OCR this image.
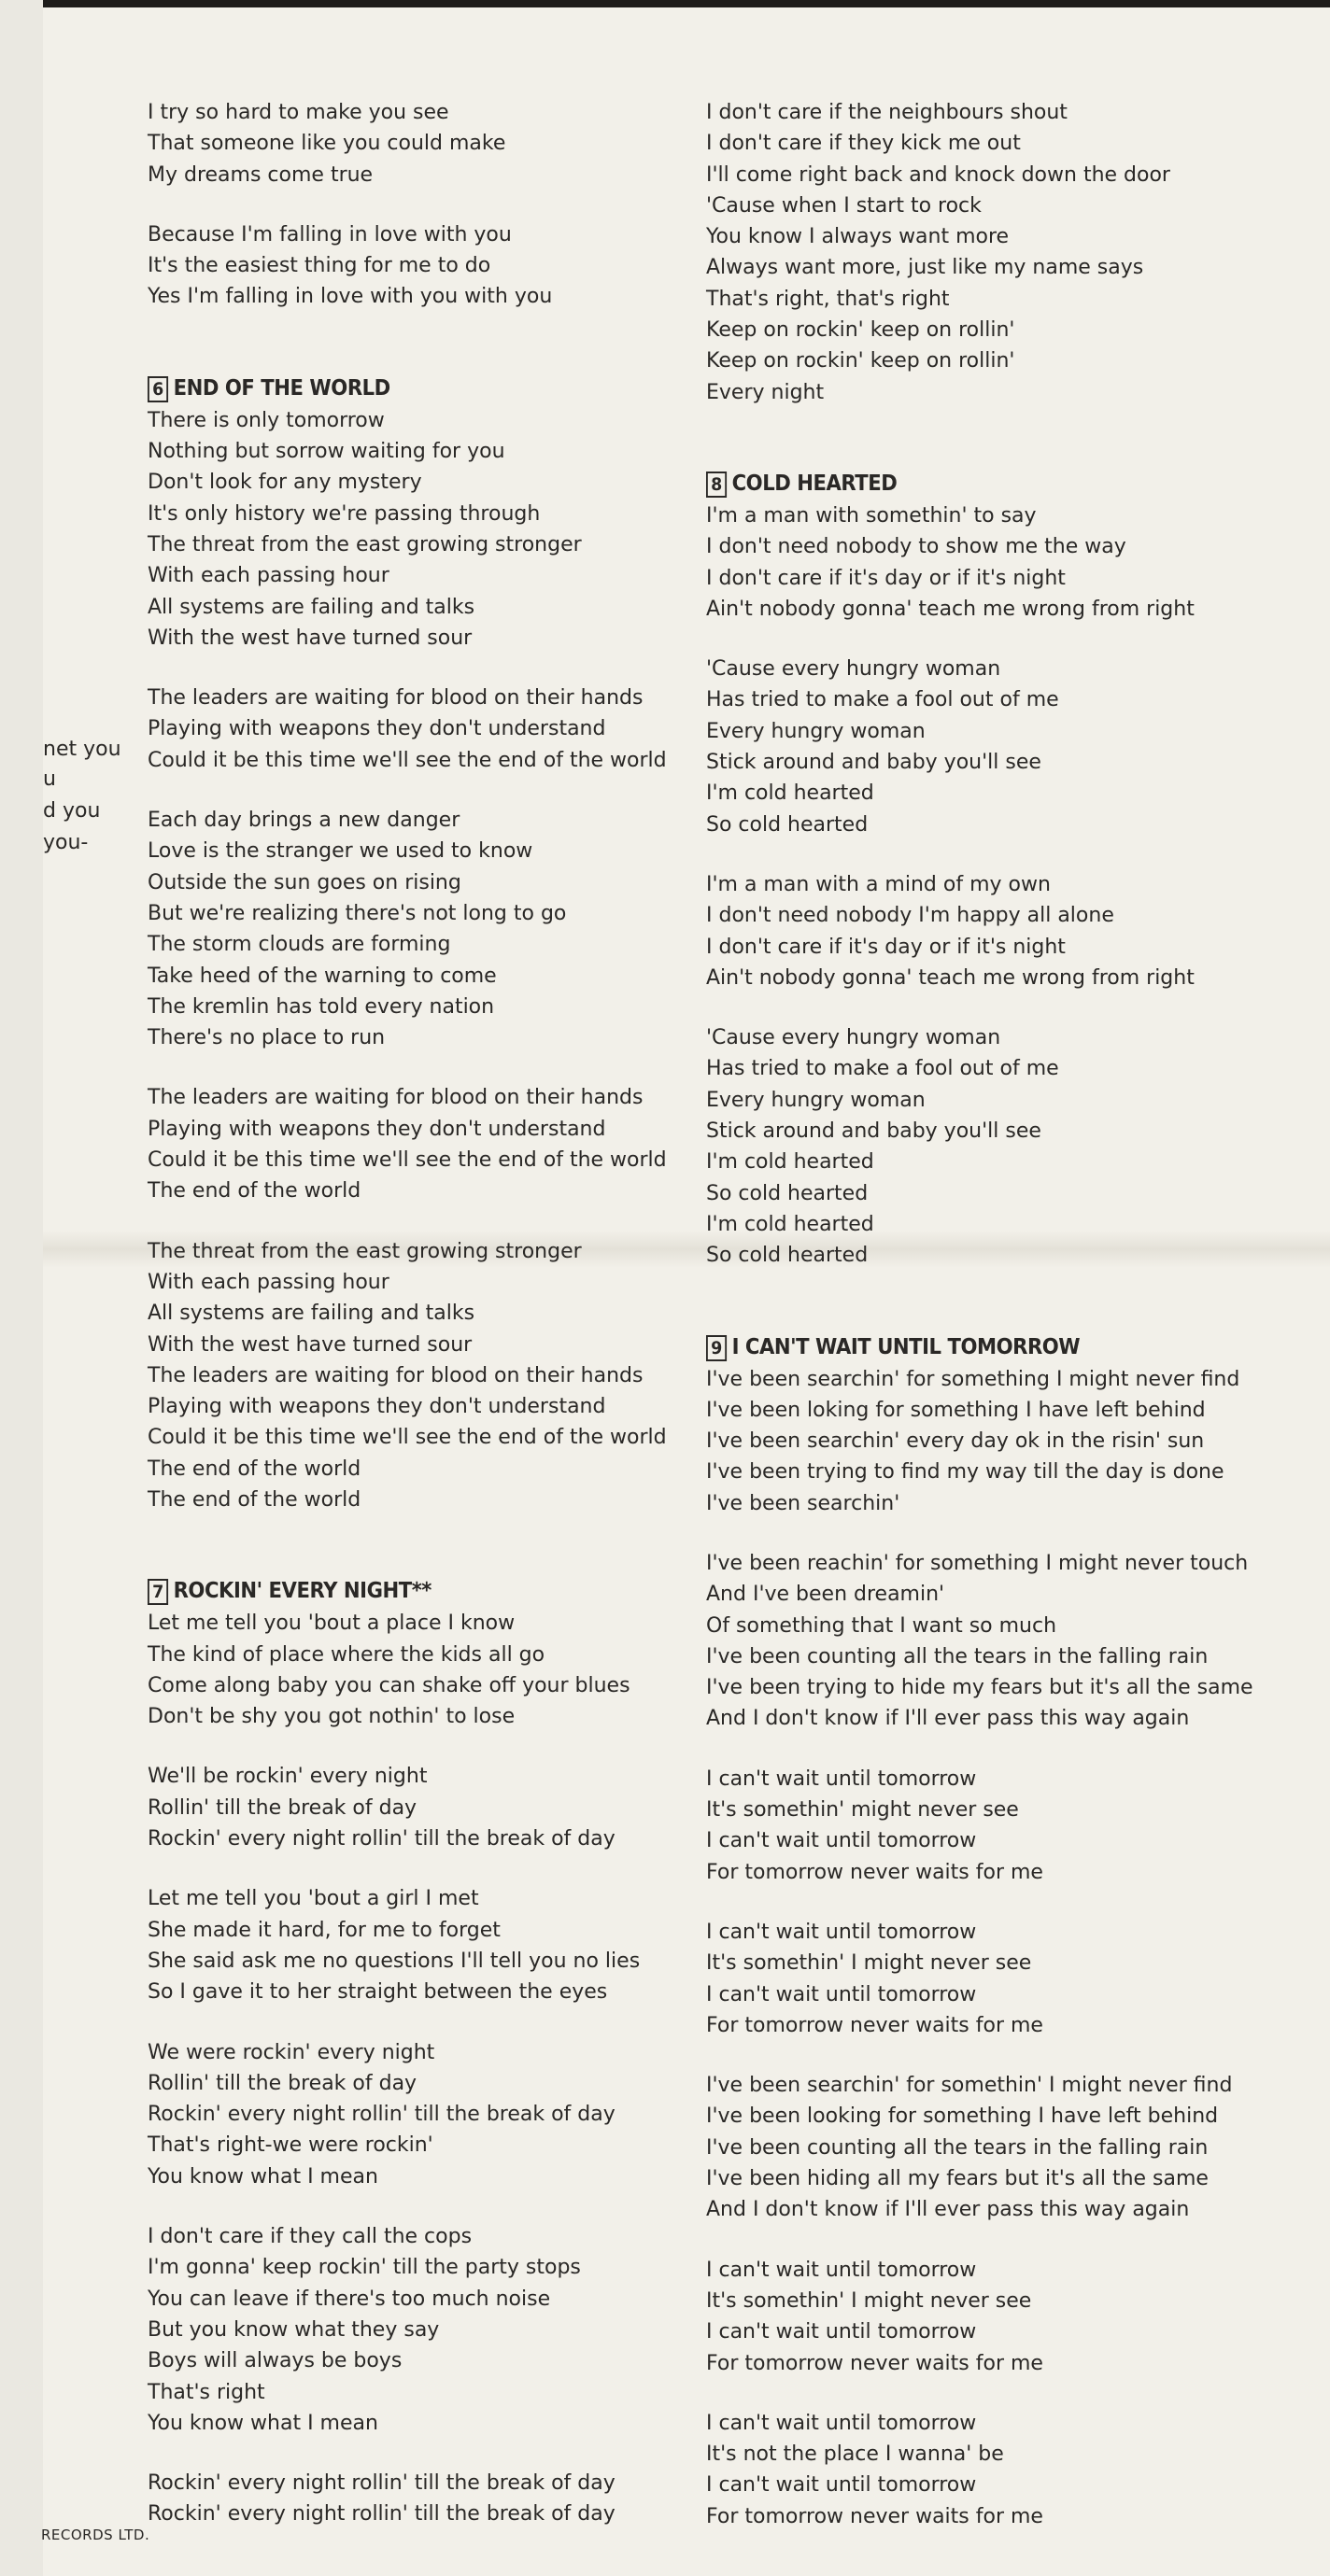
net you
u
d you
you-
I try so hard to make you see
That someone like you could make
My dreams come true
Because I'm falling in love with you
It's the easiest thing for me to do
Yes I'm falling in love with you with you
6 END OF THE WORLD
There is only tomorrow
Nothing but sorrow waiting for you
Don't look for any mystery
It's only history we're passing through
The threat from the east growing stronger
With each passing hour
All systems are failing and talks
With the west have turned sour
The leaders are waiting for blood on their hands
Playing with weapons they don't understand
Could it be this time we'll see the end of the world
Each day brings a new danger
Love is the stranger we used to know
Outside the sun goes on rising
But we're realizing there's not long to go
The storm clouds are forming
Take heed of the warning to come
The kremlin has told every nation
There's no place to run
The leaders are waiting for blood on their hands
Playing with weapons they don't understand
Could it be this time we'll see the end of the world
The end of the world
The threat from the east growing stronger
With each passing hour
All systems are failing and talks
With the west have turned sour
The leaders are waiting for blood on their hands
Playing with weapons they don't understand
Could it be this time we'll see the end of the world
The end of the world
The end of the world
7 ROCKIN' EVERY NIGHT**
Let me tell you 'bout a place I know
The kind of place where the kids all go
Come along baby you can shake off your blues
Don't be shy you got nothin' to lose
We'll be rockin' every night
Rollin' till the break of day
Rockin' every night rollin' till the break of day
Let me tell you 'bout a girl I met
She made it hard, for me to forget
She said ask me no questions I'll tell you no lies
So I gave it to her straight between the eyes
We were rockin' every night
Rollin' till the break of day
Rockin' every night rollin' till the break of day
That's right-we were rockin'
You know what I mean
I don't care if they call the cops
I'm gonna' keep rockin' till the party stops
You can leave if there's too much noise
But you know what they say
Boys will always be boys
That's right
You know what I mean
Rockin' every night rollin' till the break of day
Rockin' every night rollin' till the break of day
I don't care if the neighbours shout
I don't care if they kick me out
I'll come right back and knock down the door
'Cause when I start to rock
You know I always want more
Always want more, just like my name says
That's right, that's right
Keep on rockin' keep on rollin'
Keep on rockin' keep on rollin'
Every night
8 COLD HEARTED
I'm a man with somethin' to say
I don't need nobody to show me the way
I don't care if it's day or if it's night
Ain't nobody gonna' teach me wrong from right
'Cause every hungry woman
Has tried to make a fool out of me
Every hungry woman
Stick around and baby you'll see
I'm cold hearted
So cold hearted
I'm a man with a mind of my own
I don't need nobody I'm happy all alone
I don't care if it's day or if it's night
Ain't nobody gonna' teach me wrong from right
'Cause every hungry woman
Has tried to make a fool out of me
Every hungry woman
Stick around and baby you'll see
I'm cold hearted
So cold hearted
I'm cold hearted
So cold hearted
9 I CAN'T WAIT UNTIL TOMORROW
I've been searchin' for something I might never find
I've been loking for something I have left behind
I've been searchin' every day ok in the risin' sun
I've been trying to find my way till the day is done
I've been searchin'
I've been reachin' for something I might never touch
And I've been dreamin'
Of something that I want so much
I've been counting all the tears in the falling rain
I've been trying to hide my fears but it's all the same
And I don't know if I'll ever pass this way again
I can't wait until tomorrow
It's somethin' might never see
I can't wait until tomorrow
For tomorrow never waits for me
I can't wait until tomorrow
It's somethin' I might never see
I can't wait until tomorrow
For tomorrow never waits for me
I've been searchin' for somethin' I might never find
I've been looking for something I have left behind
I've been counting all the tears in the falling rain
I've been hiding all my fears but it's all the same
And I don't know if I'll ever pass this way again
I can't wait until tomorrow
It's somethin' I might never see
I can't wait until tomorrow
For tomorrow never waits for me
I can't wait until tomorrow
It's not the place I wanna' be
I can't wait until tomorrow
For tomorrow never waits for me
RECORDS LTD.
